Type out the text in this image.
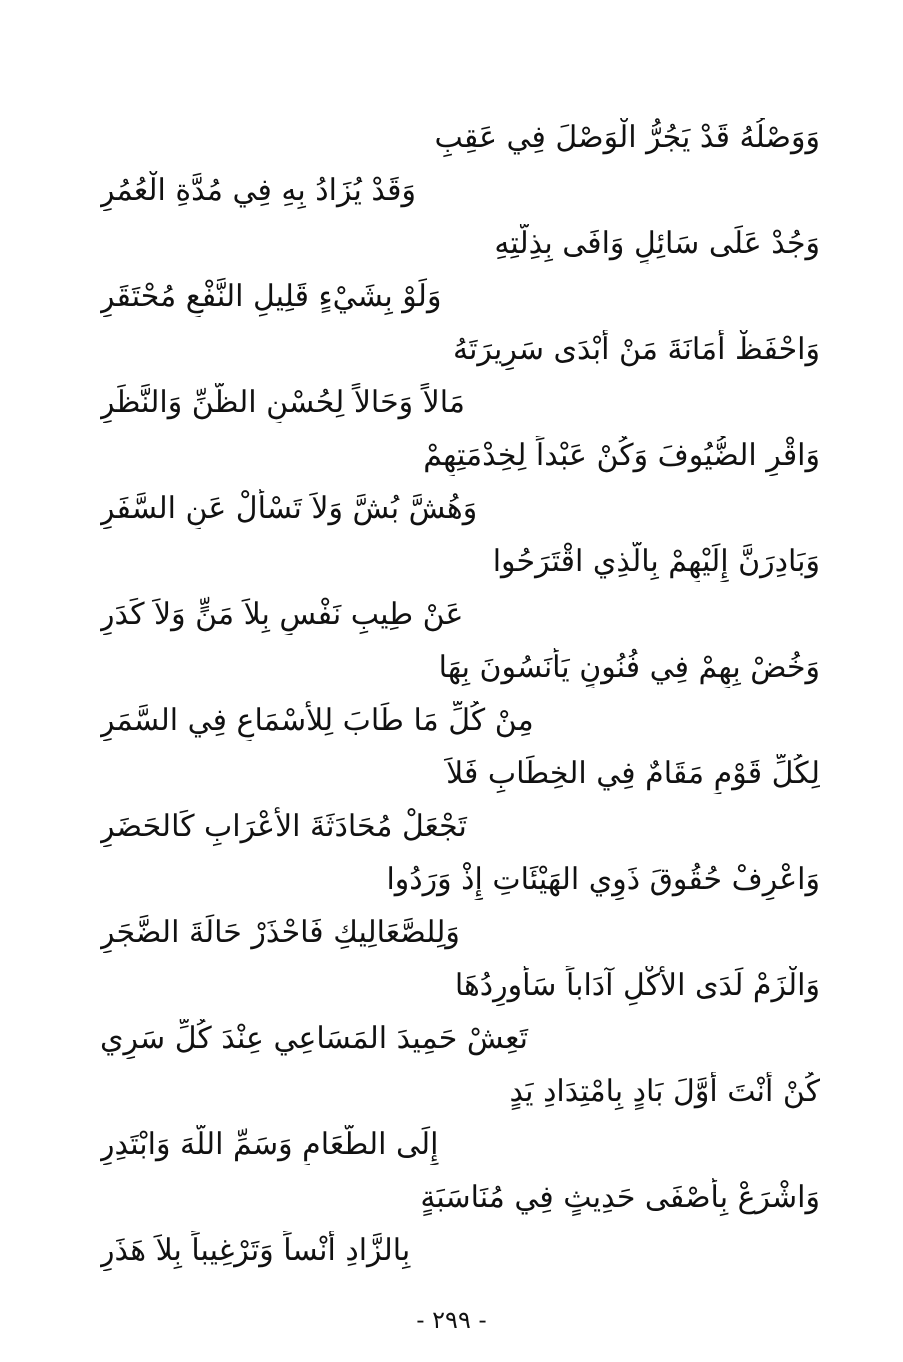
وَوَصْلُهُ قَدْ يَجُرُّ الْوَصْلَ فِي عَقِبِ
وَقَدْ يُزَادُ بِهِ فِي مُدَّةِ الْعُمُرِ
وَجُدْ عَلَى سَائِلٍ وَافَى بِذِلَّتِهِ
وَلَوْ بِشَيْءٍ قَلِيلِ النَّفْعِ مُحْتَقَرِ
وَاحْفَظْ أَمَانَةَ مَنْ أَبْدَى سَرِيرَتَهُ
مَالاً وَحَالاً لِحُسْنِ الظَّنِّ وَالنَّظَرِ
وَاقْرِ الضُّيُوفَ وَكُنْ عَبْداً لِخِدْمَتِهِمْ
وَهُشَّ بُشَّ وَلاَ تَسْأَلْ عَنِ السَّفَرِ
وَبَادِرَنَّ إِلَيْهِمْ بِالَّذِي اقْتَرَحُوا
عَنْ طِيبِ نَفْسٍ بِلاَ مَنٍّ وَلاَ كَدَرِ
وَخُضْ بِهِمْ فِي فُنُونٍ يَأْنَسُونَ بِهَا
مِنْ كُلِّ مَا طَابَ لِلأَسْمَاعِ فِي السَّمَرِ
لِكُلِّ قَوْمٍ مَقَامٌ فِي الخِطَابِ فَلاَ
تَجْعَلْ مُحَادَثَةَ الأَعْرَابِ كَالحَضَرِ
وَاعْرِفْ حُقُوقَ ذَوِي الهَيْئَاتِ إِذْ وَرَدُوا
وَلِلصَّعَالِيكِ فَاحْذَرْ حَالَةَ الضَّجَرِ
وَالْزَمْ لَدَى الأَكْلِ آدَاباً سَأُورِدُهَا
تَعِشْ حَمِيدَ المَسَاعِي عِنْدَ كُلِّ سَرِي
كُنْ أَنْتَ أَوَّلَ بَادٍ بِامْتِدَادِ يَدٍ
إِلَى الطَّعَامِ وَسَمِّ اللَّهَ وَابْتَدِرِ
وَاشْرَعْ بِأَصْفَى حَدِيثٍ فِي مُنَاسَبَةٍ
بِالزَّادِ أُنْساً وَتَرْغِيباً بِلاَ هَذَرِ
- ٢٩٩ -
